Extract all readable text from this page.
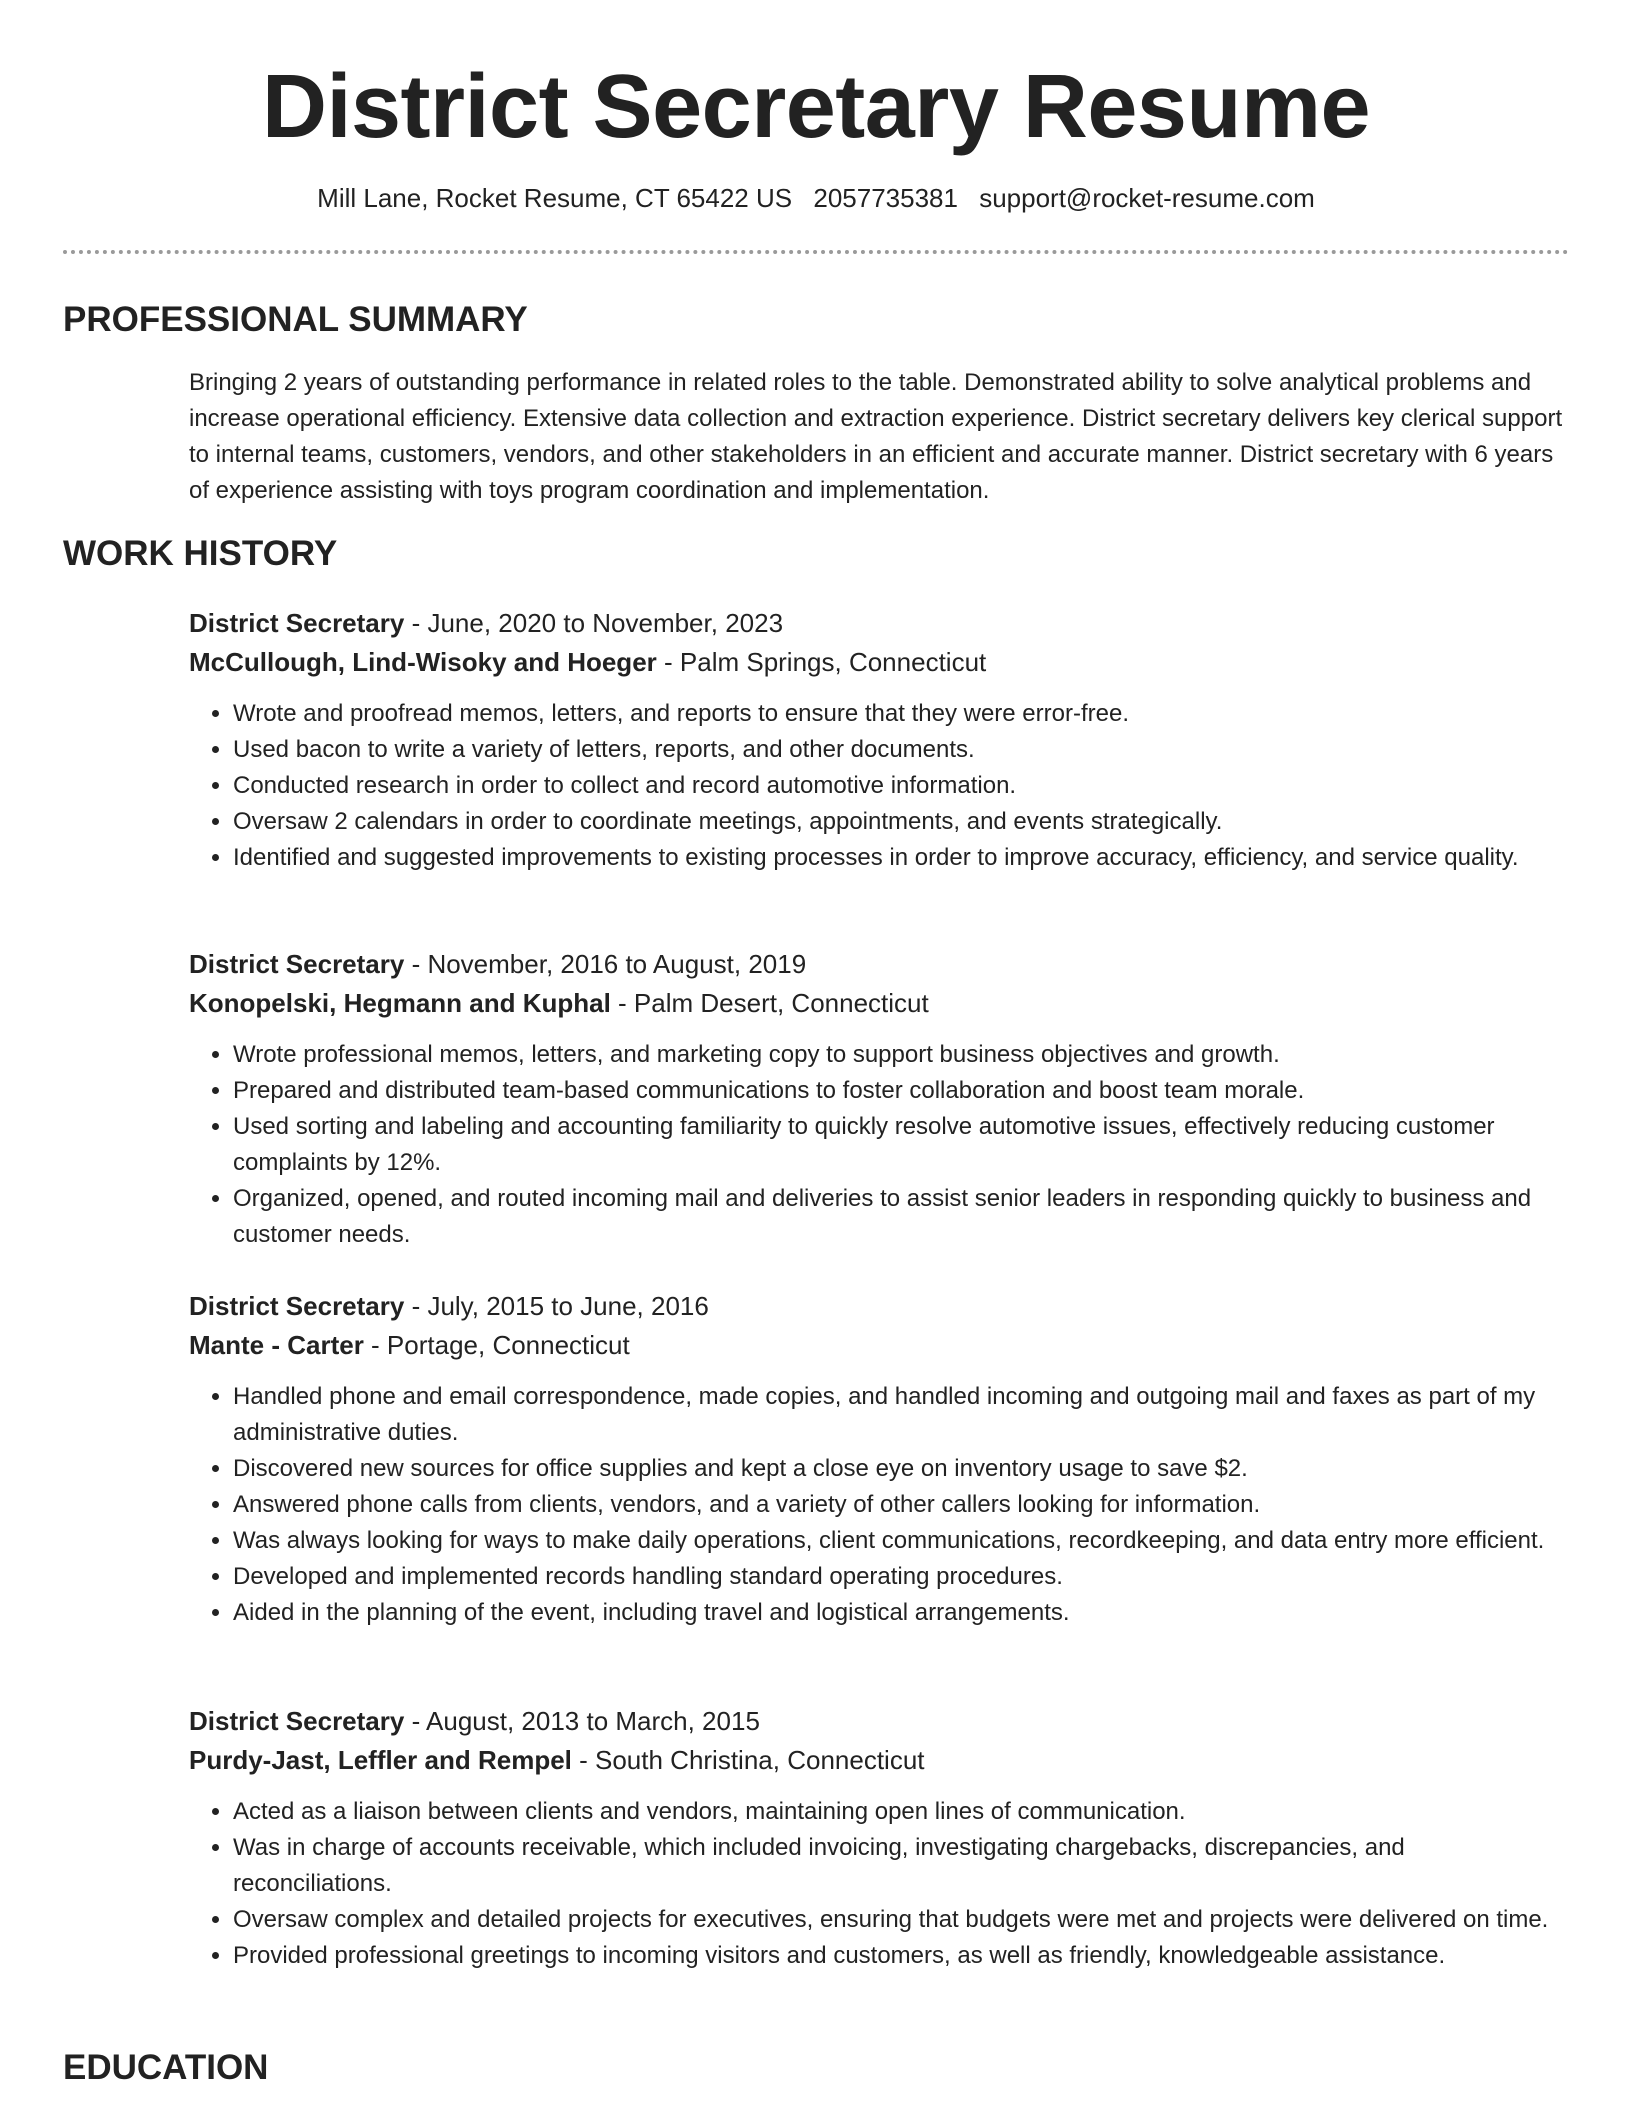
District Secretary Resume
Mill Lane, Rocket Resume, CT 65422 US 2057735381 support@rocket-resume.com
PROFESSIONAL SUMMARY

Bringing 2 years of outstanding performance in related roles to the table. Demonstrated ability to solve analytical problems and increase operational efficiency. Extensive data collection and extraction experience. District secretary delivers key clerical support to internal teams, customers, vendors, and other stakeholders in an efficient and accurate manner. District secretary with 6 years of experience assisting with toys program coordination and implementation.

WORK HISTORY

District Secretary - June, 2020 to November, 2023

McCullough, Lind-Wisoky and Hoeger - Palm Springs, Connecticut

• Wrote and proofread memos, letters, and reports to ensure that they were error-free.
• Used bacon to write a variety of letters, reports, and other documents.
• Conducted research in order to collect and record automotive information.
• Oversaw 2 calendars in order to coordinate meetings, appointments, and events strategically.
• Identified and suggested improvements to existing processes in order to improve accuracy, efficiency, and service quality.

District Secretary - November, 2016 to August, 2019

Konopelski, Hegmann and Kuphal - Palm Desert, Connecticut

• Wrote professional memos, letters, and marketing copy to support business objectives and growth.
• Prepared and distributed team-based communications to foster collaboration and boost team morale.
• Used sorting and labeling and accounting familiarity to quickly resolve automotive issues, effectively reducing customer complaints by 12%.
• Organized, opened, and routed incoming mail and deliveries to assist senior leaders in responding quickly to business and customer needs.

District Secretary - July, 2015 to June, 2016

Mante - Carter - Portage, Connecticut

• Handled phone and email correspondence, made copies, and handled incoming and outgoing mail and faxes as part of my administrative duties.
• Discovered new sources for office supplies and kept a close eye on inventory usage to save $2.
• Answered phone calls from clients, vendors, and a variety of other callers looking for information.
• Was always looking for ways to make daily operations, client communications, recordkeeping, and data entry more efficient.
• Developed and implemented records handling standard operating procedures.
• Aided in the planning of the event, including travel and logistical arrangements.

District Secretary - August, 2013 to March, 2015

Purdy-Jast, Leffler and Rempel - South Christina, Connecticut

• Acted as a liaison between clients and vendors, maintaining open lines of communication.
• Was in charge of accounts receivable, which included invoicing, investigating chargebacks, discrepancies, and reconciliations.
• Oversaw complex and detailed projects for executives, ensuring that budgets were met and projects were delivered on time.
• Provided professional greetings to incoming visitors and customers, as well as friendly, knowledgeable assistance.
EDUCATION
